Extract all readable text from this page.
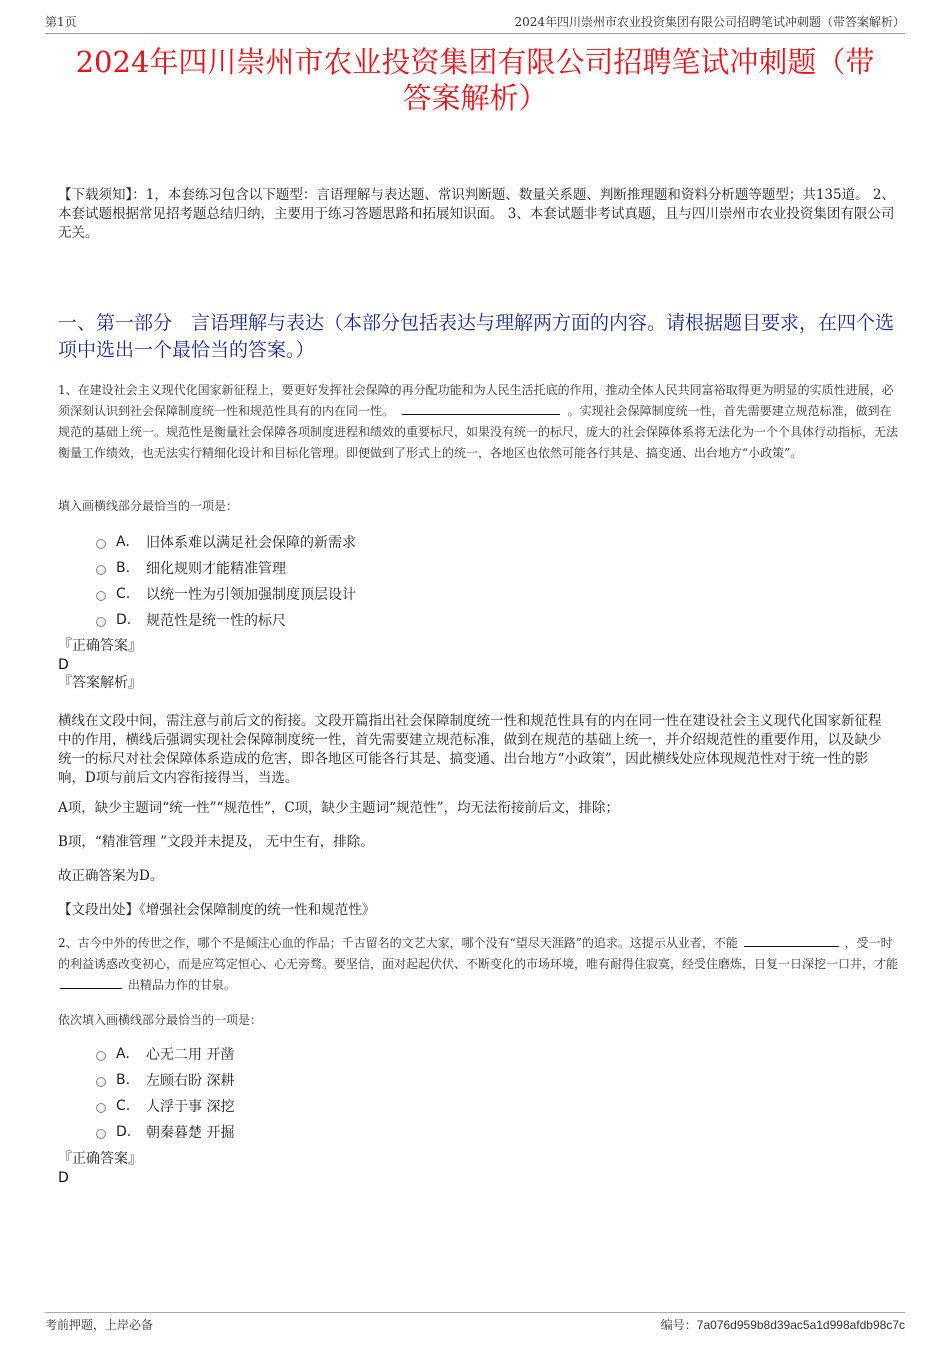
第1页	2024年四川崇州市农业投资集团有限公司招聘笔试冲刺题（带答案解析）
2024年四川崇州市农业投资集团有限公司招聘笔试冲刺题（带
答案解析）
【下载须知】：1，本套练习包含以下题型：言语理解与表达题、常识判断题、数量关系题、判断推理题和资料分析题等题型；共135道。 2、本套试题根据常见招考题总结归纳，主要用于练习答题思路和拓展知识面。 3、本套试题非考试真题，且与四川崇州市农业投资集团有限公司无关。
一、第一部分　言语理解与表达（本部分包括表达与理解两方面的内容。请根据题目要求，在四个选项中选出一个最恰当的答案。）
1、在建设社会主义现代化国家新征程上，要更好发挥社会保障的再分配功能和为人民生活托底的作用，推动全体人民共同富裕取得更为明显的实质性进展，必须深刻认识到社会保障制度统一性和规范性具有的内在同一性。	。实现社会保障制度统一性，首先需要建立规范标准，做到在规范的基础上统一。规范性是衡量社会保障各项制度进程和绩效的重要标尺，如果没有统一的标尺，庞大的社会保障体系将无法化为一个个具体行动指标，无法衡量工作绩效，也无法实行精细化设计和目标化管理。即便做到了形式上的统一，各地区也依然可能各行其是、搞变通、出台地方“小政策”。
填入画横线部分最恰当的一项是：
A.	旧体系难以满足社会保障的新需求
B.	细化规则才能精准管理
C.	以统一性为引领加强制度顶层设计
D.	规范性是统一性的标尺
『正确答案』
D
『答案解析』
横线在文段中间，需注意与前后文的衔接。文段开篇指出社会保障制度统一性和规范性具有的内在同一性在建设社会主义现代化国家新征程中的作用，横线后强调实现社会保障制度统一性，首先需要建立规范标准，做到在规范的基础上统一，并介绍规范性的重要作用，以及缺少统一的标尺对社会保障体系造成的危害，即各地区可能各行其是、搞变通、出台地方“小政策”，因此横线处应体现规范性对于统一性的影响，D项与前后文内容衔接得当，当选。
A项，缺少主题词“统一性”“规范性”，C项，缺少主题词“规范性”，均无法衔接前后文，排除；
B项，“精准管理 ”文段并未提及， 无中生有，排除。
故正确答案为D。
【文段出处】《增强社会保障制度的统一性和规范性》
2、古今中外的传世之作，哪个不是倾注心血的作品；千古留名的文艺大家，哪个没有“望尽天涯路”的追求。这提示从业者，不能	，受一时的利益诱惑改变初心，而是应笃定恒心、心无旁骛。要坚信，面对起起伏伏、不断变化的市场环境，唯有耐得住寂寞，经受住磨炼，日复一日深挖一口井，才能  出精品力作的甘泉。
依次填入画横线部分最恰当的一项是：
A.	心无二用 开凿
B.	左顾右盼 深耕
C.	人浮于事 深挖
D.	朝秦暮楚 开掘
『正确答案』
D
考前押题，上岸必备	编号：7a076d959b8d39ac5a1d998afdb98c7c
